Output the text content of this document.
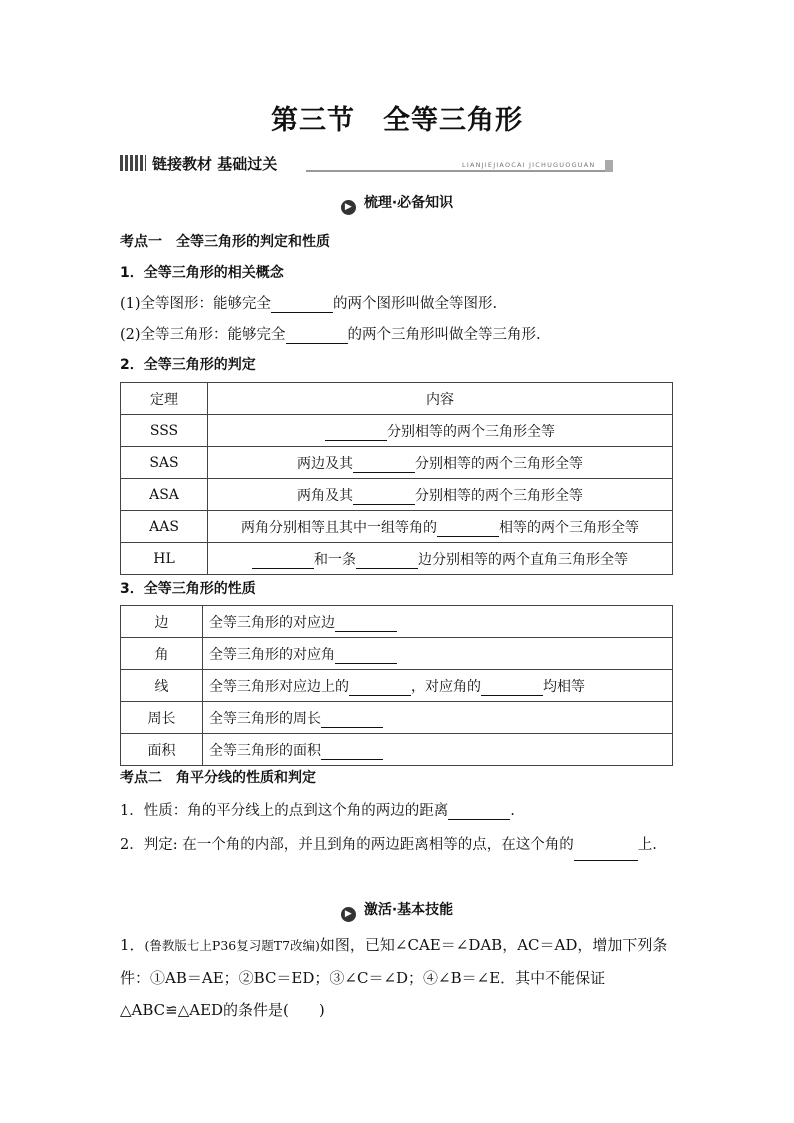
第三节　全等三角形
链接教材 基础过关	LIANJIEJIAOCAI JICHUGUOGUAN
▶ 梳理·必备知识
考点一　全等三角形的判定和性质
1．全等三角形的相关概念
(1)全等图形：能够完全	的两个图形叫做全等图形.
(2)全等三角形：能够完全	的两个三角形叫做全等三角形.
2．全等三角形的判定
定理	内容
SSS	分别相等的两个三角形全等
SAS	两边及其 分别相等的两个三角形全等
ASA	两角及其 分别相等的两个三角形全等
AAS	两角分别相等且其中一组等角的 相等的两个三角形全等
HL	和一条 边分别相等的两个直角三角形全等
3．全等三角形的性质
边	全等三角形的对应边
角	全等三角形的对应角
线	全等三角形对应边上的 ，对应角的 均相等
周长	全等三角形的周长
面积	全等三角形的面积
考点二　角平分线的性质和判定
1．性质：角的平分线上的点到这个角的两边的距离	.
2．判定: 在一个角的内部，并且到角的两边距离相等的点，在这个角的	上.
▶ 激活·基本技能
1．(鲁教版七上P36复习题T7改编)如图，已知∠CAE＝∠DAB，AC＝AD，增加下列条件：①AB＝AE；②BC＝ED；③∠C＝∠D；④∠B＝∠E．其中不能保证△ABC≌△AED的条件是(　　)
